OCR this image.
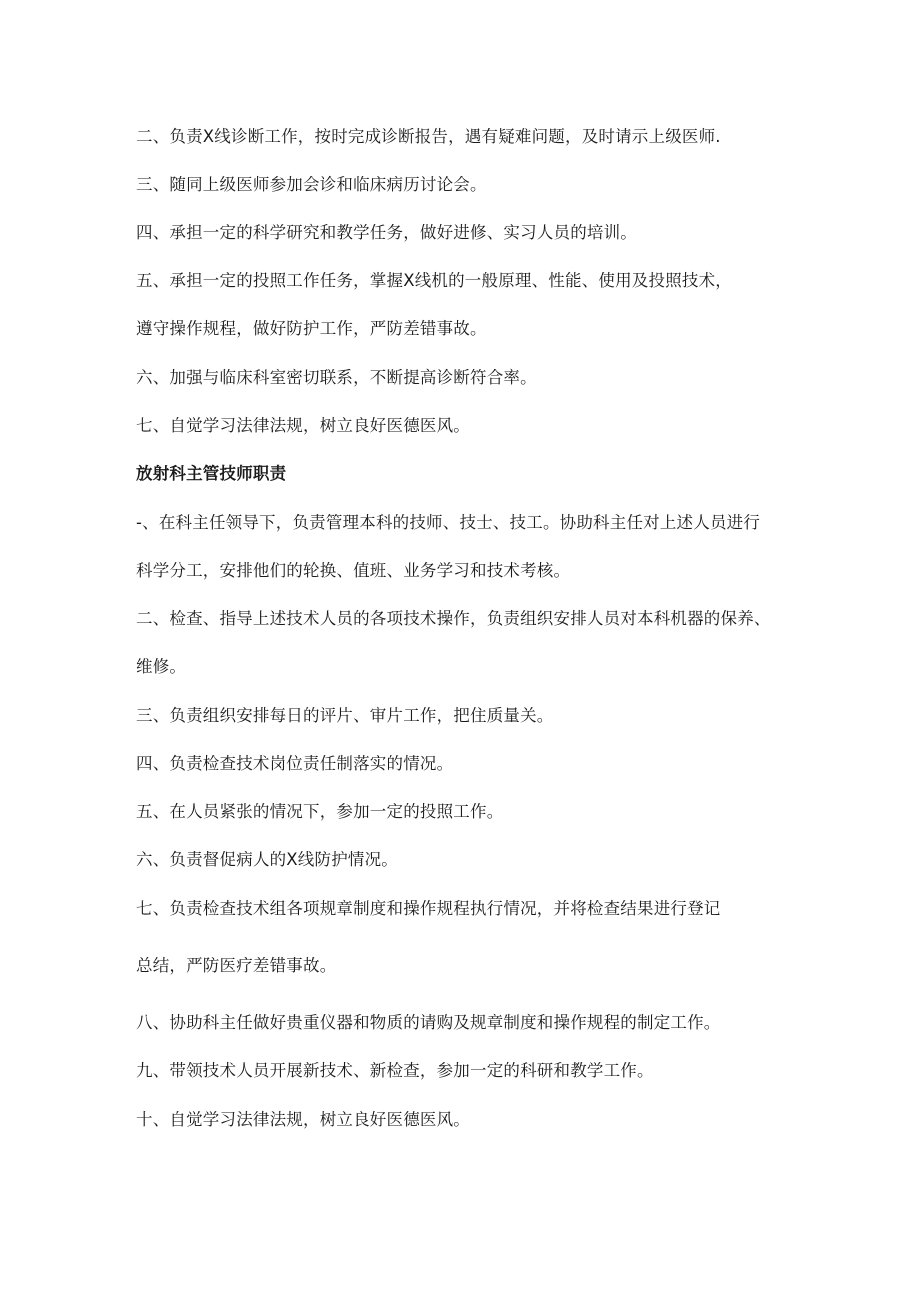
二、负责X线诊断工作，按时完成诊断报告，遇有疑难问题，及时请示上级医师.
三、随同上级医师参加会诊和临床病历讨论会。
四、承担一定的科学研究和教学任务，做好进修、实习人员的培训。
五、承担一定的投照工作任务，掌握X线机的一般原理、性能、使用及投照技术，
遵守操作规程，做好防护工作，严防差错事故。
六、加强与临床科室密切联系，不断提高诊断符合率。
七、自觉学习法律法规，树立良好医德医风。
放射科主管技师职责
-、在科主任领导下，负责管理本科的技师、技士、技工。协助科主任对上述人员进行
科学分工，安排他们的轮换、值班、业务学习和技术考核。
二、检查、指导上述技术人员的各项技术操作，负责组织安排人员对本科机器的保养、
维修。
三、负责组织安排每日的评片、审片工作，把住质量关。
四、负责检查技术岗位责任制落实的情况。
五、在人员紧张的情况下，参加一定的投照工作。
六、负责督促病人的X线防护情况。
七、负责检查技术组各项规章制度和操作规程执行情况，并将检查结果进行登记
总结，严防医疗差错事故。
八、协助科主任做好贵重仪器和物质的请购及规章制度和操作规程的制定工作。
九、带领技术人员开展新技术、新检查，参加一定的科研和教学工作。
十、自觉学习法律法规，树立良好医德医风。
